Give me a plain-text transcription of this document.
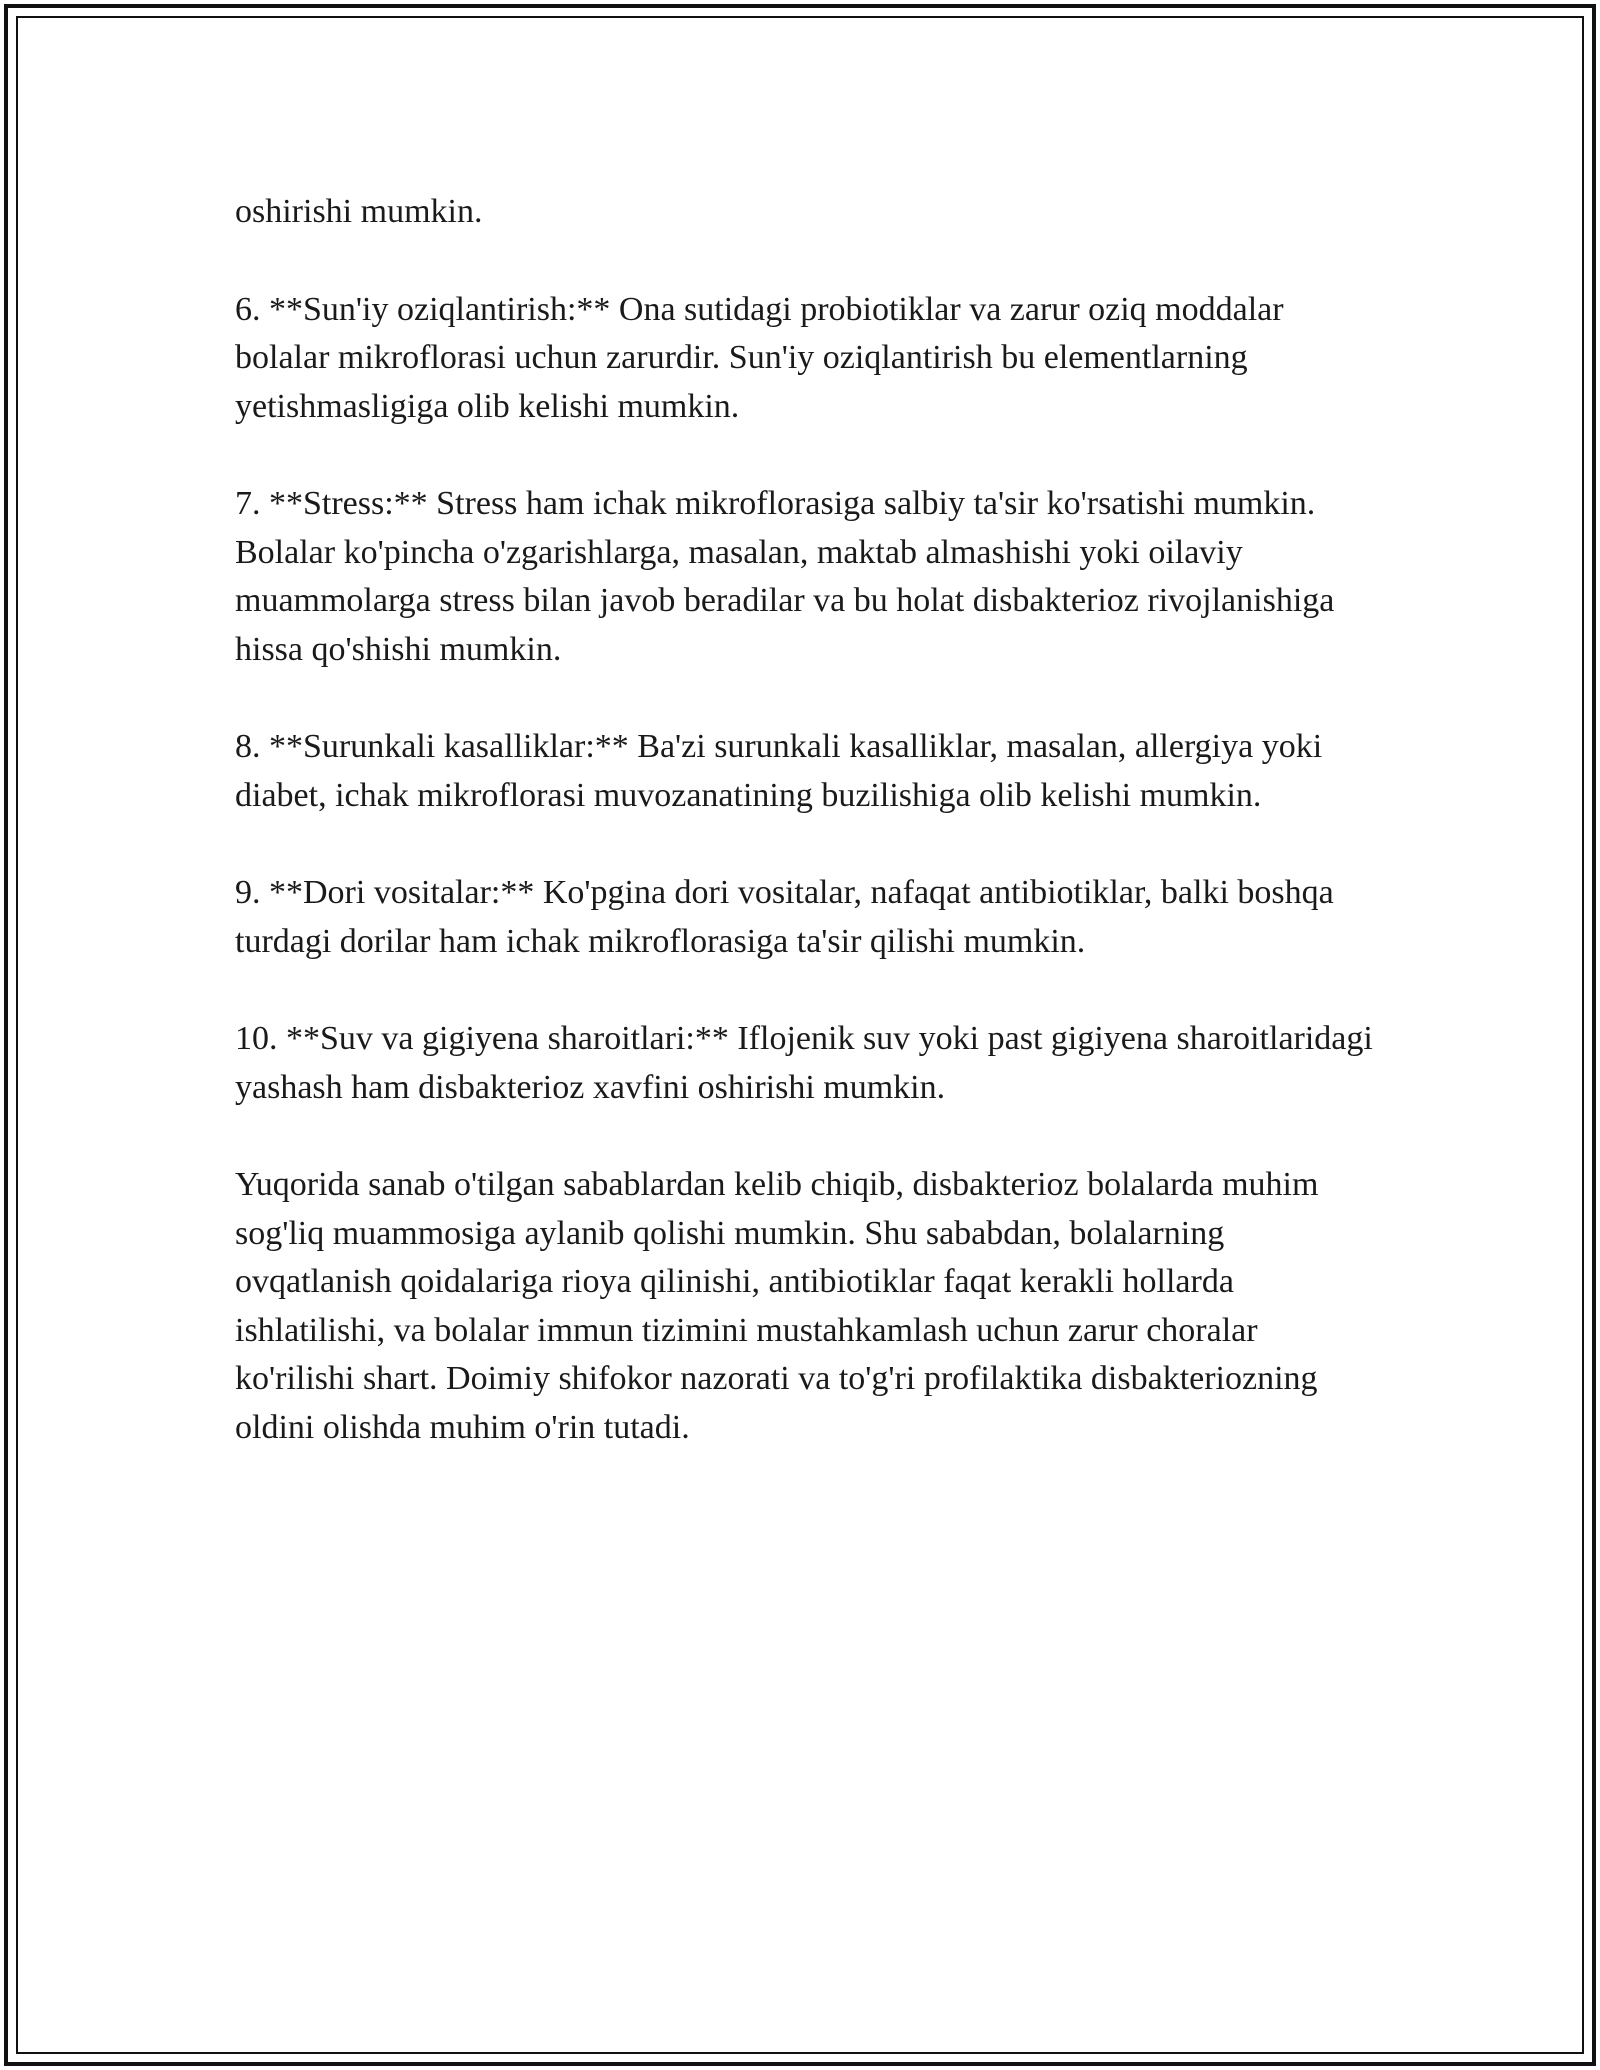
oshirishi mumkin.

6. **Sun'iy oziqlantirish:** Ona sutidagi probiotiklar va zarur oziq moddalar bolalar mikroflorasi uchun zarurdir. Sun'iy oziqlantirish bu elementlarning yetishmasligiga olib kelishi mumkin.

7. **Stress:** Stress ham ichak mikroflorasiga salbiy ta'sir ko'rsatishi mumkin. Bolalar ko'pincha o'zgarishlarga, masalan, maktab almashishi yoki oilaviy muammolarga stress bilan javob beradilar va bu holat disbakterioz rivojlanishiga hissa qo'shishi mumkin.

8. **Surunkali kasalliklar:** Ba'zi surunkali kasalliklar, masalan, allergiya yoki diabet, ichak mikroflorasi muvozanatining buzilishiga olib kelishi mumkin.

9. **Dori vositalar:** Ko'pgina dori vositalar, nafaqat antibiotiklar, balki boshqa turdagi dorilar ham ichak mikroflorasiga ta'sir qilishi mumkin.

10. **Suv va gigiyena sharoitlari:** Iflojenik suv yoki past gigiyena sharoitlaridagi yashash ham disbakterioz xavfini oshirishi mumkin.

Yuqorida sanab o'tilgan sabablardan kelib chiqib, disbakterioz bolalarda muhim sog'liq muammosiga aylanib qolishi mumkin. Shu sababdan, bolalarning ovqatlanish qoidalariga rioya qilinishi, antibiotiklar faqat kerakli hollarda ishlatilishi, va bolalar immun tizimini mustahkamlash uchun zarur choralar ko'rilishi shart. Doimiy shifokor nazorati va to'g'ri profilaktika disbakteriozning oldini olishda muhim o'rin tutadi.
